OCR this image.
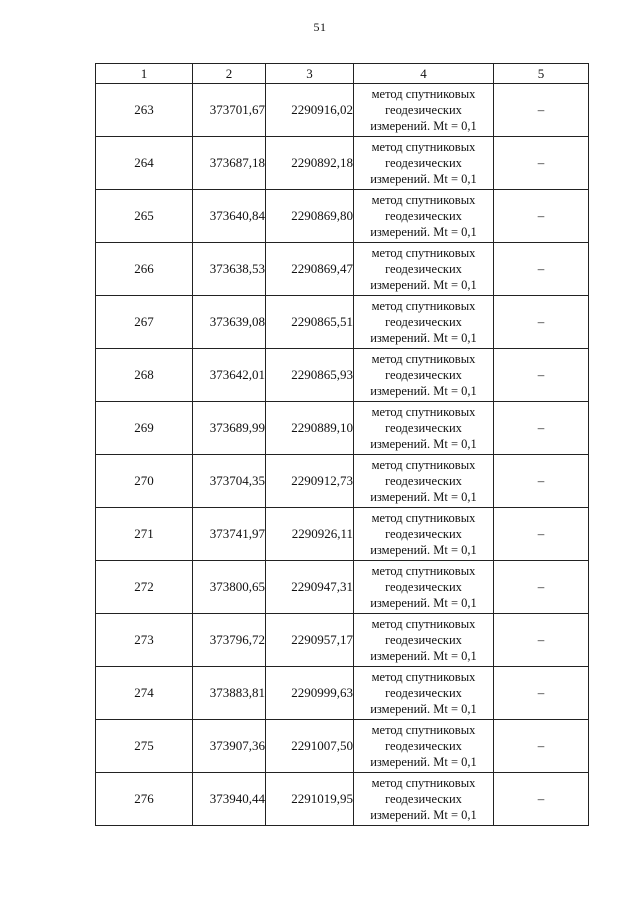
51
1	2	3	4	5
263	373701,67	2290916,02	метод спутниковых
геодезических
измерений. Mt = 0,1	–
264	373687,18	2290892,18	метод спутниковых
геодезических
измерений. Mt = 0,1	–
265	373640,84	2290869,80	метод спутниковых
геодезических
измерений. Mt = 0,1	–
266	373638,53	2290869,47	метод спутниковых
геодезических
измерений. Mt = 0,1	–
267	373639,08	2290865,51	метод спутниковых
геодезических
измерений. Mt = 0,1	–
268	373642,01	2290865,93	метод спутниковых
геодезических
измерений. Mt = 0,1	–
269	373689,99	2290889,10	метод спутниковых
геодезических
измерений. Mt = 0,1	–
270	373704,35	2290912,73	метод спутниковых
геодезических
измерений. Mt = 0,1	–
271	373741,97	2290926,11	метод спутниковых
геодезических
измерений. Mt = 0,1	–
272	373800,65	2290947,31	метод спутниковых
геодезических
измерений. Mt = 0,1	–
273	373796,72	2290957,17	метод спутниковых
геодезических
измерений. Mt = 0,1	–
274	373883,81	2290999,63	метод спутниковых
геодезических
измерений. Mt = 0,1	–
275	373907,36	2291007,50	метод спутниковых
геодезических
измерений. Mt = 0,1	–
276	373940,44	2291019,95	метод спутниковых
геодезических
измерений. Mt = 0,1	–
